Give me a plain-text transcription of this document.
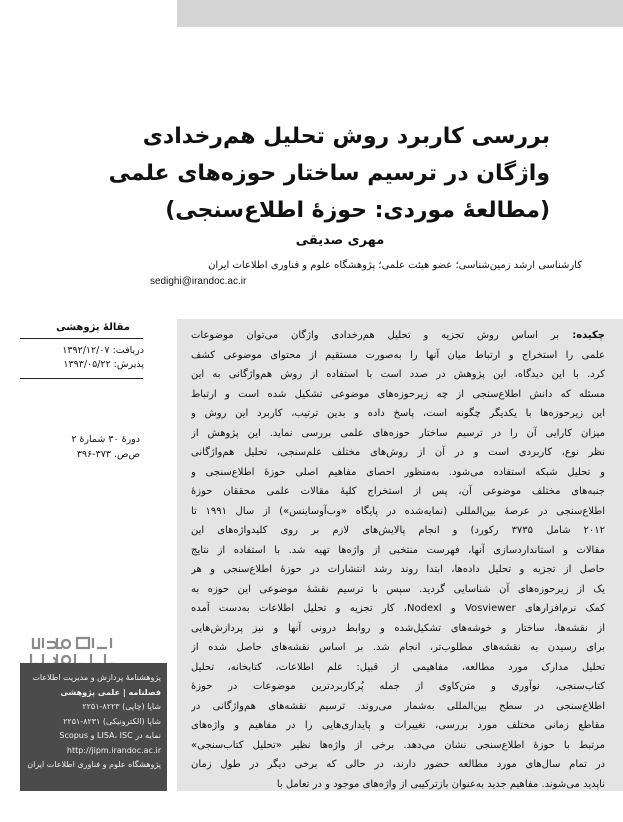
بررسی کاربرد روش تحلیل هم‌رخدادی
واژگان در ترسیم ساختار حوزه‌های علمی
(مطالعهٔ موردی: حوزهٔ اطلاع‌سنجی)
مهری صدیقی
کارشناسی ارشد زمین‌شناسی؛ عضو هیئت علمی؛ پژوهشگاه علوم و فناوری اطلاعات ایران
sedighi@irandoc.ac.ir
مقالهٔ پژوهشی
دریافت: ۱۳۹۲/۱۲/۰۷
پذیرش: ۱۳۹۳/۰۵/۲۲
دورهٔ ۳۰ شمارهٔ ۲
ص‌ص. ۳۷۳-۳۹۶
پژوهشنامهٔ پردازش و مدیریت اطلاعات
فصلنامه | علمی پژوهشی
شاپا (چاپی) ۸۲۲۳-۲۲۵۱
شاپا (الکترونیکی) ۸۲۳۱-۲۲۵۱
نمایه در LISA، ISC و Scopus
http://jipm.irandoc.ac.ir
پژوهشگاه علوم و فناوری اطلاعات ایران
چکیده: بر اساس روش تجزیه و تحلیل هم‌رخدادی واژگان می‌توان موضوعات
علمی را استخراج و ارتباط میان آنها را به‌صورت مستقیم از محتوای موضوعی کشف
کرد. با این دیدگاه، این پژوهش در صدد است با استفاده از روش هم‌واژگانی به این
مسئله که دانش اطلاع‌سنجی از چه زیرحوزه‌های موضوعی تشکیل شده است و ارتباط
این زیرحوزه‌ها با یکدیگر چگونه است، پاسخ داده و بدین ترتیب، کاربرد این روش و
میزان کارایی آن را در ترسیم ساختار حوزه‌های علمی بررسی نماید. این پژوهش از
نظر نوع، کاربردی است و در آن از روش‌های مختلف علم‌سنجی، تحلیل هم‌واژگانی
و تحلیل شبکه استفاده می‌شود. به‌منظور احصای مفاهیم اصلی حوزهٔ اطلاع‌سنجی و
جنبه‌های مختلف موضوعی آن، پس از استخراج کلیهٔ مقالات علمی محققان حوزهٔ
اطلاع‌سنجی در عرصهٔ بین‌المللی (نمایه‌شده در پایگاه «وب‌آوساینس») از سال ۱۹۹۱ تا
۲۰۱۲ شامل ۳۷۳۵ رکورد) و انجام پالایش‌های لازم بر روی کلیدواژه‌های این
مقالات و استانداردسازی آنها، فهرست منتخبی از واژه‌ها تهیه شد. با استفاده از نتایج
حاصل از تجزیه و تحلیل داده‌ها، ابتدا روند رشد انتشارات در حوزهٔ اطلاع‌سنجی و هر
یک از زیرحوزه‌های آن شناسایی گردید. سپس با ترسیم نقشهٔ موضوعی این حوزه به
کمک نرم‌افزارهای Vosviewer و Nodexl، کار تجزیه و تحلیل اطلاعات به‌دست آمده
از نقشه‌ها، ساختار و خوشه‌های تشکیل‌شده و روابط درونی آنها و نیز پردازش‌هایی
برای رسیدن به نقشه‌های مطلوب‌تر، انجام شد. بر اساس نقشه‌های حاصل شده از
تحلیل مدارک مورد مطالعه، مفاهیمی از قبیل: علم اطلاعات، کتابخانه، تحلیل
کتاب‌سنجی، نوآوری و متن‌کاوی از جمله پُرکاربردترین موضوعات در حوزهٔ
اطلاع‌سنجی در سطح بین‌المللی به‌شمار می‌روند. ترسیم نقشه‌های هم‌واژگانی در
مقاطع زمانی مختلف مورد بررسی، تغییرات و پایداری‌هایی را در مفاهیم و واژه‌های
مرتبط با حوزهٔ اطلاع‌سنجی نشان می‌دهد. برخی از واژه‌ها نظیر «تحلیل کتاب‌سنجی»
در تمام سال‌های مورد مطالعه حضور دارند، در حالی که برخی دیگر در طول زمان
ناپدید می‌شوند. مفاهیم جدید به‌عنوان بازترکیبی از واژه‌های موجود و در تعامل با
